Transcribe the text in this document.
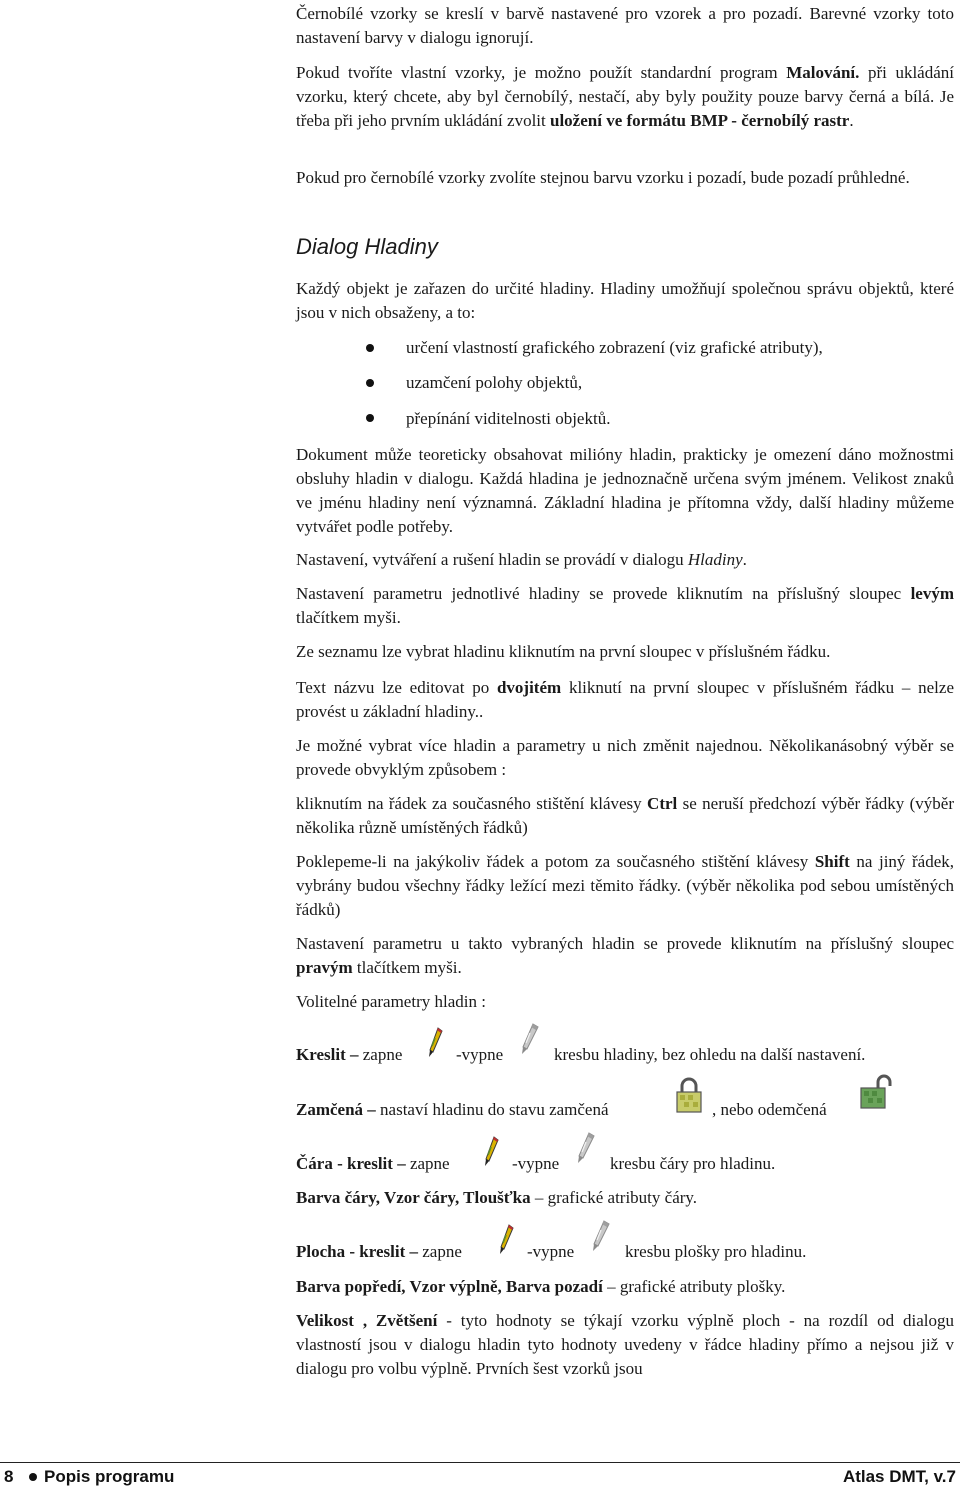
Černobílé vzorky se kreslí v barvě nastavené pro vzorek a pro pozadí. Barevné vzorky toto nastavení barvy v dialogu ignorují.

Pokud tvoříte vlastní vzorky, je možno použít standardní program Malování. při ukládání vzorku, který chcete, aby byl černobílý, nestačí, aby byly použity pouze barvy černá a bílá. Je třeba při jeho prvním ukládání zvolit uložení ve formátu BMP - černobílý rastr.

Pokud pro černobílé vzorky zvolíte stejnou barvu vzorku i pozadí, bude pozadí průhledné.

Dialog Hladiny

Každý objekt je zařazen do určité hladiny. Hladiny umožňují společnou správu objektů, které jsou v nich obsaženy, a to:

určení vlastností grafického zobrazení (viz grafické atributy),
uzamčení polohy objektů,
přepínání viditelnosti objektů.

Dokument může teoreticky obsahovat milióny hladin, prakticky je omezení dáno možnostmi obsluhy hladin v dialogu. Každá hladina je jednoznačně určena svým jménem. Velikost znaků ve jménu hladiny není významná. Základní hladina je přítomna vždy, další hladiny můžeme vytvářet podle potřeby.

Nastavení, vytváření a rušení hladin se provádí v dialogu Hladiny.

Nastavení parametru jednotlivé hladiny se provede kliknutím na příslušný sloupec levým tlačítkem myši.

Ze seznamu lze vybrat hladinu kliknutím na první sloupec v příslušném řádku.

Text názvu lze editovat po dvojitém kliknutí na první sloupec v příslušném řádku – nelze provést u základní hladiny..

Je možné vybrat více hladin a parametry u nich změnit najednou. Několikanásobný výběr se provede obvyklým způsobem :

kliknutím na řádek za současného stištění klávesy Ctrl se neruší předchozí výběr řádky (výběr několika různě umístěných řádků)

Poklepeme-li na jakýkoliv řádek a potom za současného stištění klávesy Shift na jiný řádek, vybrány budou všechny řádky ležící mezi těmito řádky. (výběr několika pod sebou umístěných řádků)

Nastavení parametru u takto vybraných hladin se provede kliknutím na příslušný sloupec pravým tlačítkem myši.

Volitelné parametry hladin :

Kreslit – zapne	-vypne	kresbu hladiny, bez ohledu na další nastavení.
Zamčená – nastaví hladinu do stavu zamčená	, nebo odemčená
Čára - kreslit – zapne	-vypne	kresbu čáry pro hladinu.
Barva čáry, Vzor čáry, Tloušťka – grafické atributy čáry.
Plocha - kreslit – zapne	-vypne	kresbu plošky pro hladinu.
Barva popředí, Vzor výplně, Barva pozadí – grafické atributy plošky.

Velikost , Zvětšení - tyto hodnoty se týkají vzorku výplně ploch - na rozdíl od dialogu vlastností jsou v dialogu hladin tyto hodnoty uvedeny v řádce hladiny přímo a nejsou již v dialogu pro volbu výplně. Prvních šest vzorků jsou

8 Popis programu	Atlas DMT, v.7
